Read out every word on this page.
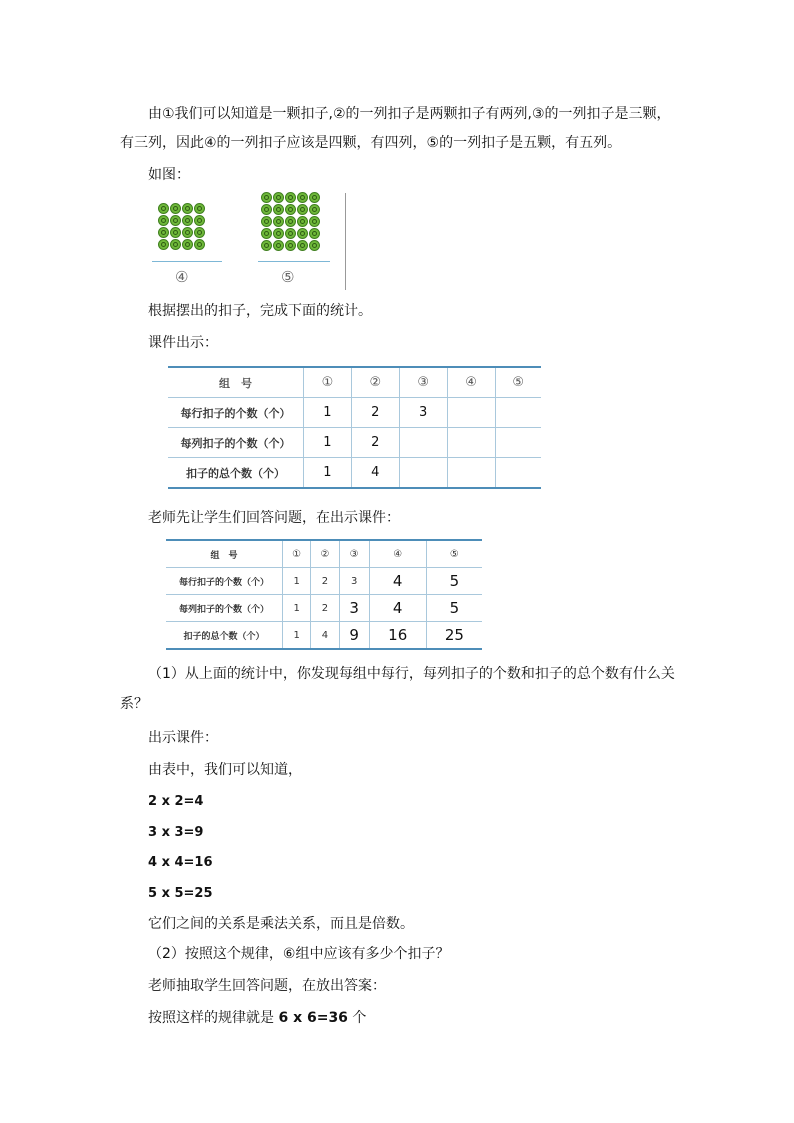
由①我们可以知道是一颗扣子,②的一列扣子是两颗扣子有两列,③的一列扣子是三颗，
有三列，因此④的一列扣子应该是四颗，有四列，⑤的一列扣子是五颗，有五列。
如图：
④	⑤
根据摆出的扣子，完成下面的统计。
课件出示：
组　号	①	②	③	④	⑤
每行扣子的个数（个）	1	2	3		
每列扣子的个数（个）	1	2			
扣子的总个数（个）	1	4			
老师先让学生们回答问题，在出示课件：
组　号	①	②	③	④	⑤
每行扣子的个数（个）	1	2	3	4	5
每列扣子的个数（个）	1	2	3	4	5
扣子的总个数（个）	1	4	9	16	25
（1）从上面的统计中，你发现每组中每行，每列扣子的个数和扣子的总个数有什么关
系？
出示课件：
由表中，我们可以知道，
2 x 2=4
3 x 3=9
4 x 4=16
5 x 5=25
它们之间的关系是乘法关系，而且是倍数。
（2）按照这个规律，⑥组中应该有多少个扣子？
老师抽取学生回答问题，在放出答案：
按照这样的规律就是 6 x 6=36 个
